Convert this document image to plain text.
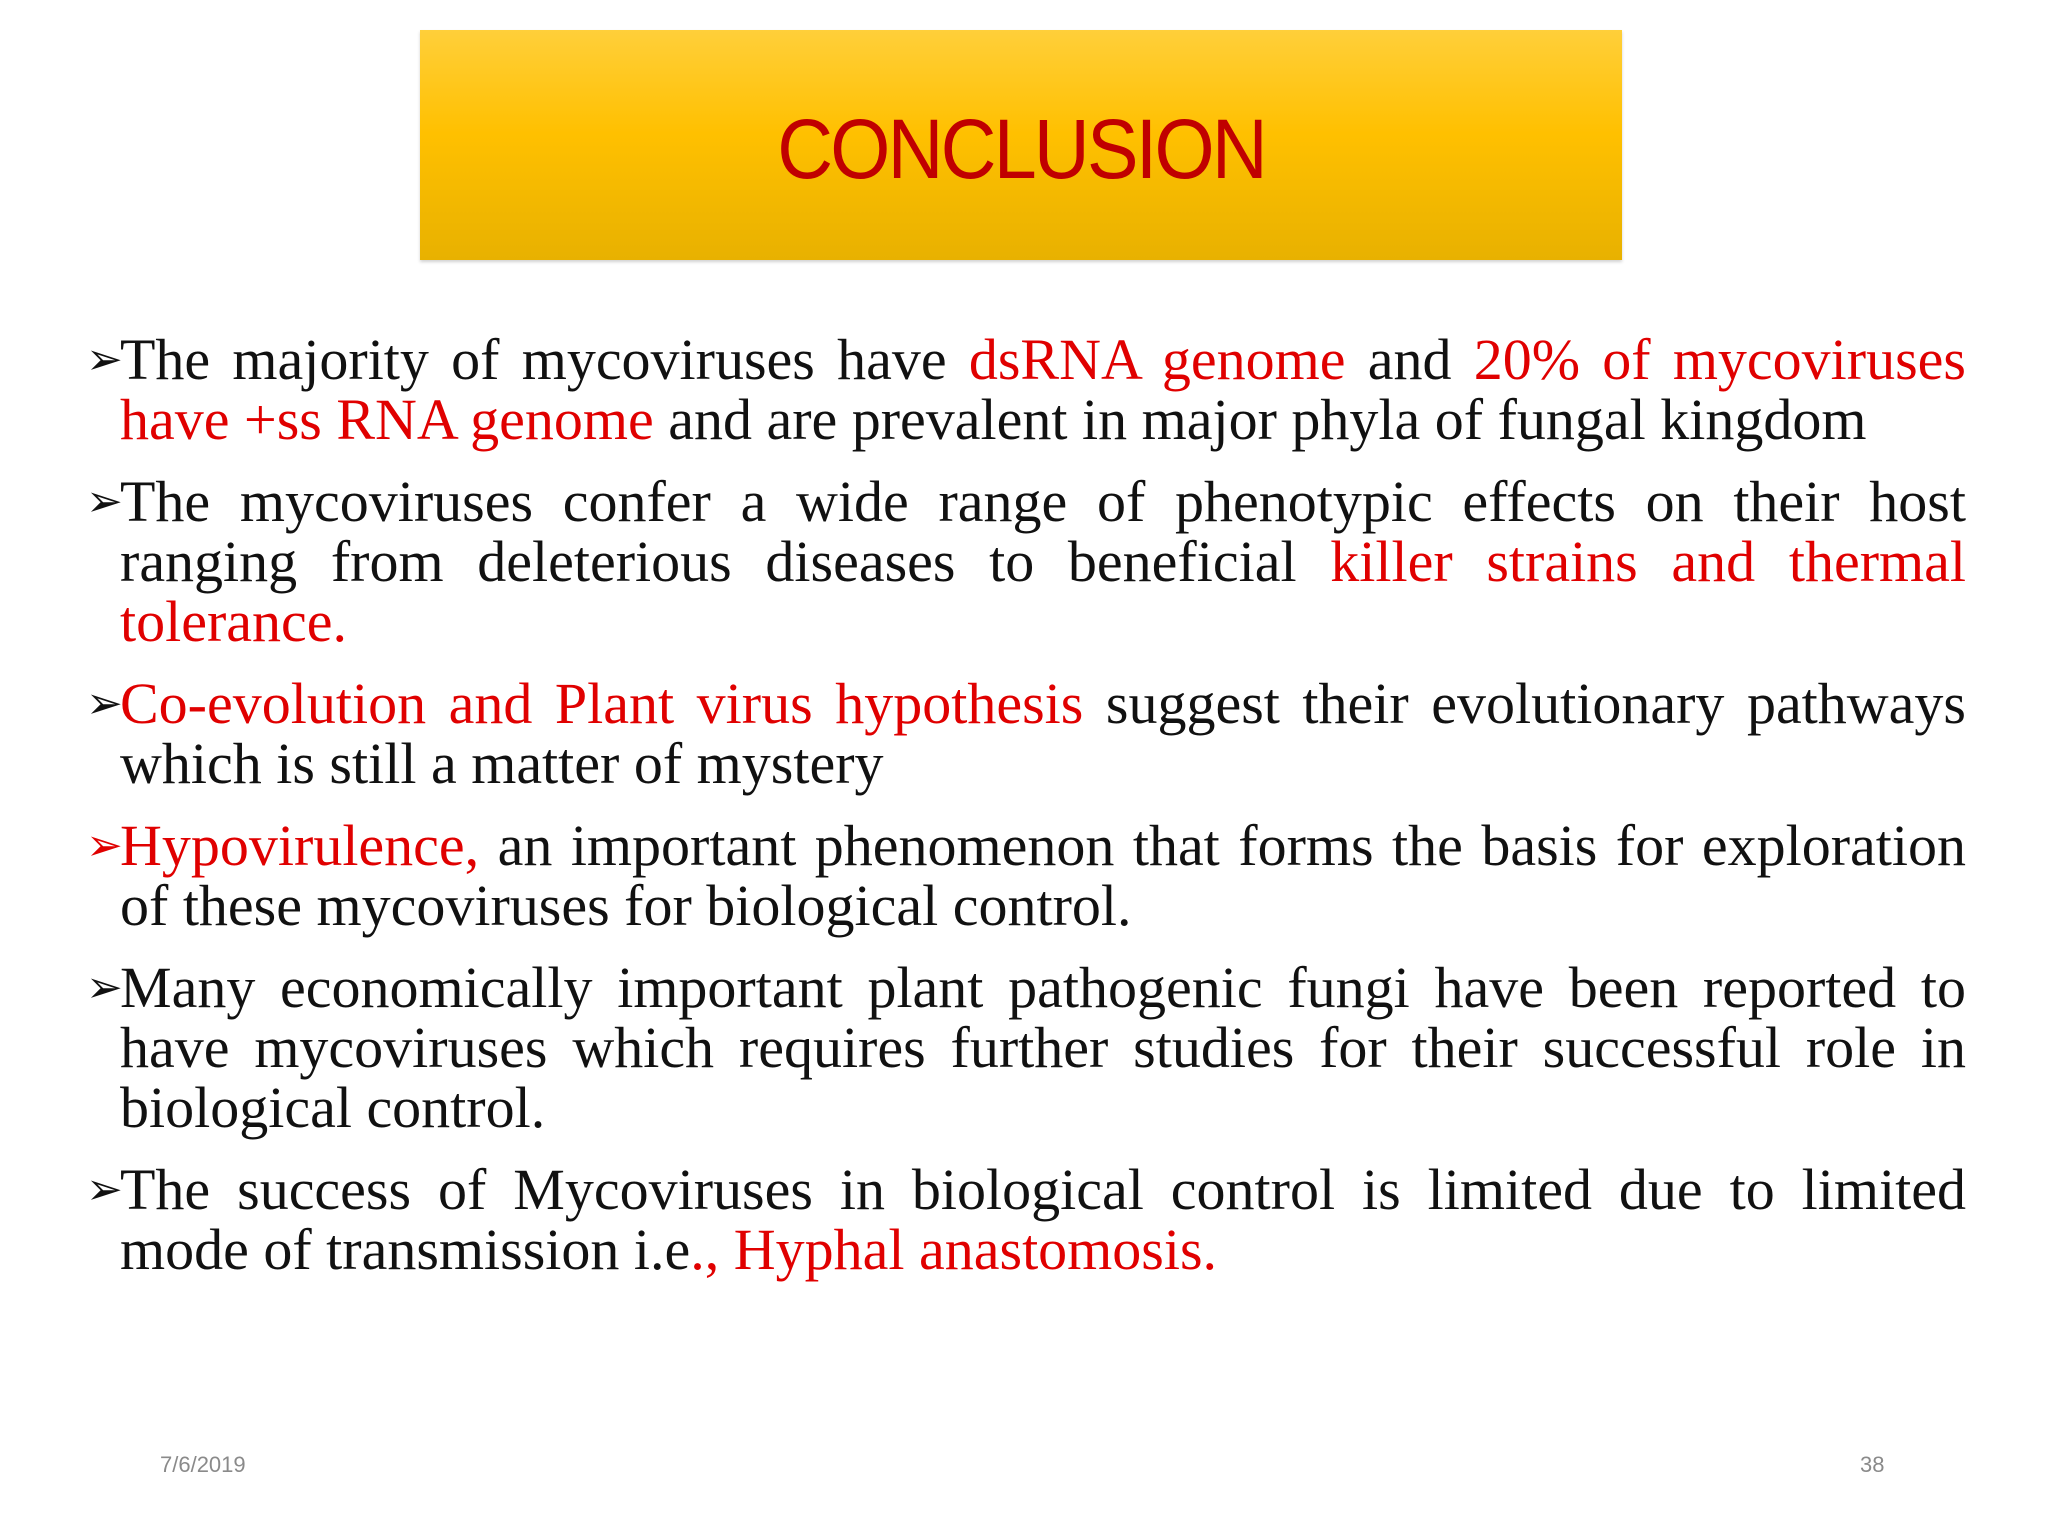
CONCLUSION
➢
The majority of mycoviruses have dsRNA genome and 20% of mycoviruses have +ss RNA genome and are prevalent in major phyla of fungal kingdom
➢
The mycoviruses confer a wide range of phenotypic effects on their host ranging from deleterious diseases to beneficial killer strains and thermal tolerance.
➢
Co-evolution and Plant virus hypothesis suggest their evolutionary pathways which is still a matter of mystery
➢
Hypovirulence, an important phenomenon that forms the basis for exploration of these mycoviruses for biological control.
➢
Many economically important plant pathogenic fungi have been reported to have mycoviruses which requires further studies for their successful role in biological control.
➢
The success of Mycoviruses in biological control is limited due to limited mode of transmission i.e., Hyphal anastomosis.
7/6/2019	38
